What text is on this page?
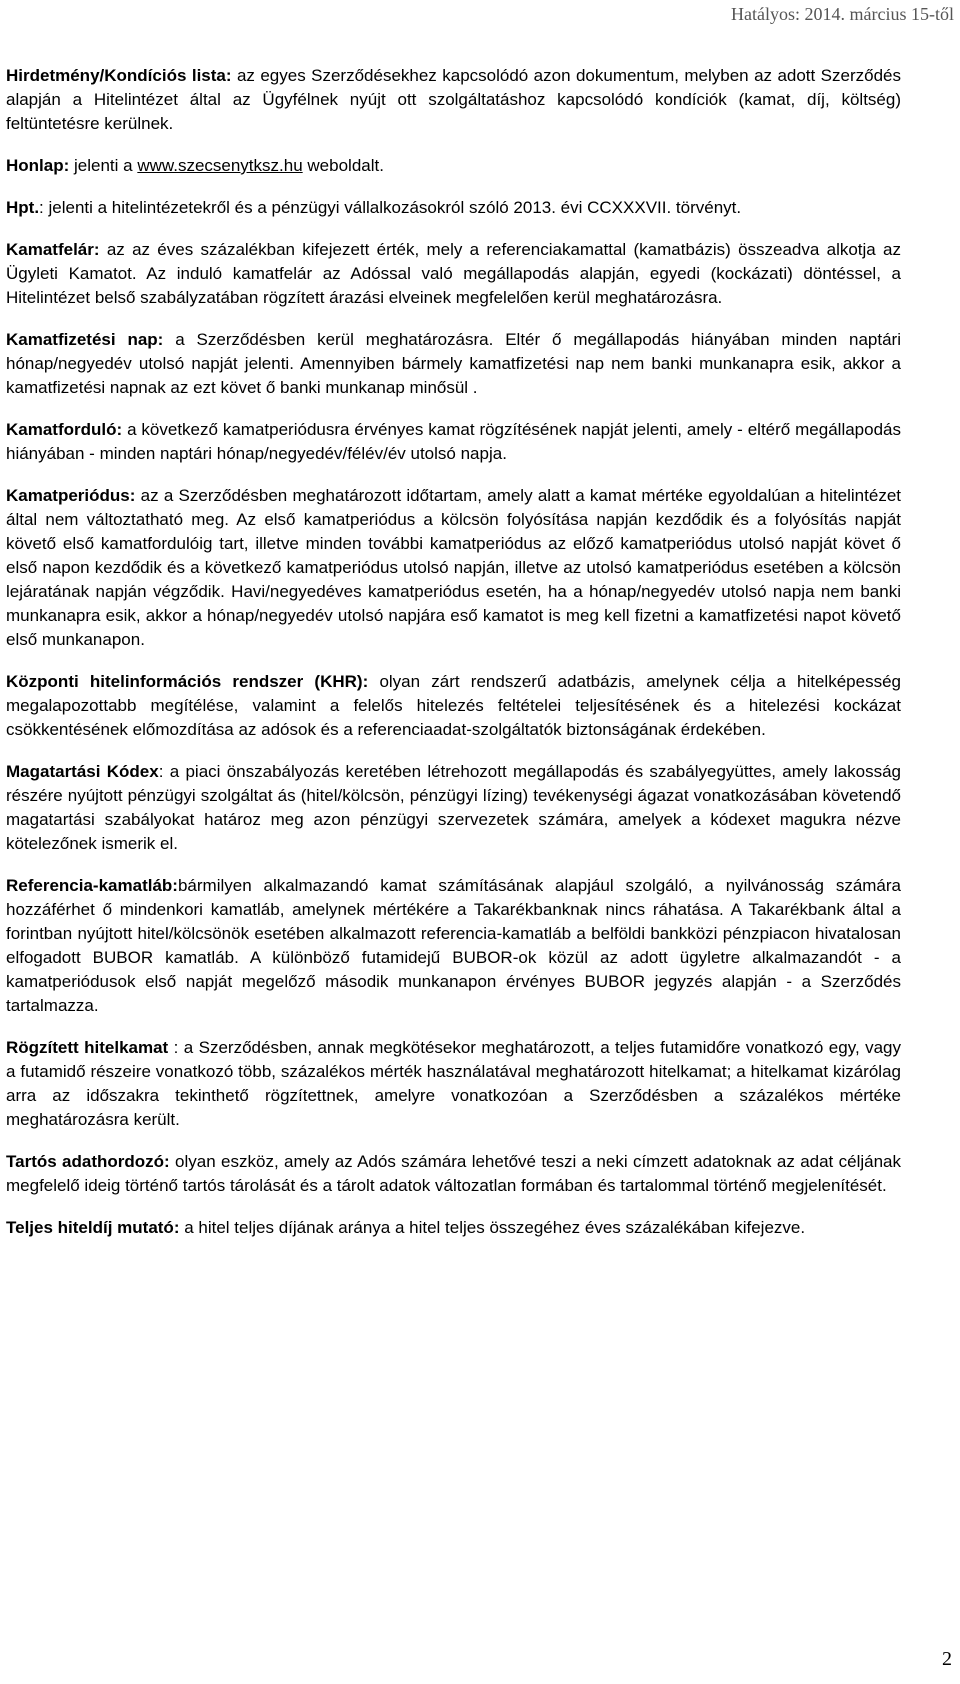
Hatályos: 2014. március 15-től

Hirdetmény/Kondíciós lista: az egyes Szerződésekhez kapcsolódó azon dokumentum, melyben az adott Szerződés alapján a Hitelintézet által az Ügyfélnek nyújt ott szolgáltatáshoz kapcsolódó kondíciók (kamat, díj, költség) feltüntetésre kerülnek.

Honlap: jelenti a www.szecsenytksz.hu weboldalt.

Hpt.: jelenti a hitelintézetekről és a pénzügyi vállalkozásokról szóló 2013. évi CCXXXVII. törvényt.

Kamatfelár: az az éves százalékban kifejezett érték, mely a referenciakamattal (kamatbázis) összeadva alkotja az Ügyleti Kamatot. Az induló kamatfelár az Adóssal való megállapodás alapján, egyedi (kockázati) döntéssel, a Hitelintézet belső szabályzatában rögzített árazási elveinek megfelelően kerül meghatározásra.

Kamatfizetési nap: a Szerződésben kerül meghatározásra. Eltér ő megállapodás hiányában minden naptári hónap/negyedév utolsó napját jelenti. Amennyiben bármely kamatfizetési nap nem banki munkanapra esik, akkor a kamatfizetési napnak az ezt követ ő banki munkanap minősül .

Kamatforduló: a következő kamatperiódusra érvényes kamat rögzítésének napját jelenti, amely - eltérő megállapodás hiányában - minden naptári hónap/negyedév/félév/év utolsó napja.

Kamatperiódus: az a Szerződésben meghatározott időtartam, amely alatt a kamat mértéke egyoldalúan a hitelintézet által nem változtatható meg. Az első kamatperiódus a kölcsön folyósítása napján kezdődik és a folyósítás napját követő első kamatfordulóig tart, illetve minden további kamatperiódus az előző kamatperiódus utolsó napját követ ő első napon kezdődik és a következő kamatperiódus utolsó napján, illetve az utolsó kamatperiódus esetében a kölcsön lejáratának napján végződik. Havi/negyedéves kamatperiódus esetén, ha a hónap/negyedév utolsó napja nem banki munkanapra esik, akkor a hónap/negyedév utolsó napjára eső kamatot is meg kell fizetni a kamatfizetési napot követő első munkanapon.

Központi hitelinformációs rendszer (KHR): olyan zárt rendszerű adatbázis, amelynek célja a hitelképesség megalapozottabb megítélése, valamint a felelős hitelezés feltételei teljesítésének és a hitelezési kockázat csökkentésének előmozdítása az adósok és a referenciaadat-szolgáltatók biztonságának érdekében.

Magatartási Kódex: a piaci önszabályozás keretében létrehozott megállapodás és szabályegyüttes, amely lakosság részére nyújtott pénzügyi szolgáltat ás (hitel/kölcsön, pénzügyi lízing) tevékenységi ágazat vonatkozásában követendő magatartási szabályokat határoz meg azon pénzügyi szervezetek számára, amelyek a kódexet magukra nézve kötelezőnek ismerik el.

Referencia-kamatláb:bármilyen alkalmazandó kamat számításának alapjául szolgáló, a nyilvánosság számára hozzáférhet ő mindenkori kamatláb, amelynek mértékére a Takarékbanknak nincs ráhatása. A Takarékbank által a forintban nyújtott hitel/kölcsönök esetében alkalmazott referencia-kamatláb a belföldi bankközi pénzpiacon hivatalosan elfogadott BUBOR kamatláb. A különböző futamidejű BUBOR-ok közül az adott ügyletre alkalmazandót - a kamatperiódusok első napját megelőző második munkanapon érvényes BUBOR jegyzés alapján - a Szerződés tartalmazza.

Rögzített hitelkamat : a Szerződésben, annak megkötésekor meghatározott, a teljes futamidőre vonatkozó egy, vagy a futamidő részeire vonatkozó több, százalékos mérték használatával meghatározott hitelkamat; a hitelkamat kizárólag arra az időszakra tekinthető rögzítettnek, amelyre vonatkozóan a Szerződésben a százalékos mértéke meghatározásra került.

Tartós adathordozó: olyan eszköz, amely az Adós számára lehetővé teszi a neki címzett adatoknak az adat céljának megfelelő ideig történő tartós tárolását és a tárolt adatok változatlan formában és tartalommal történő megjelenítését.

Teljes hiteldíj mutató: a hitel teljes díjának aránya a hitel teljes összegéhez éves százalékában kifejezve.

2
